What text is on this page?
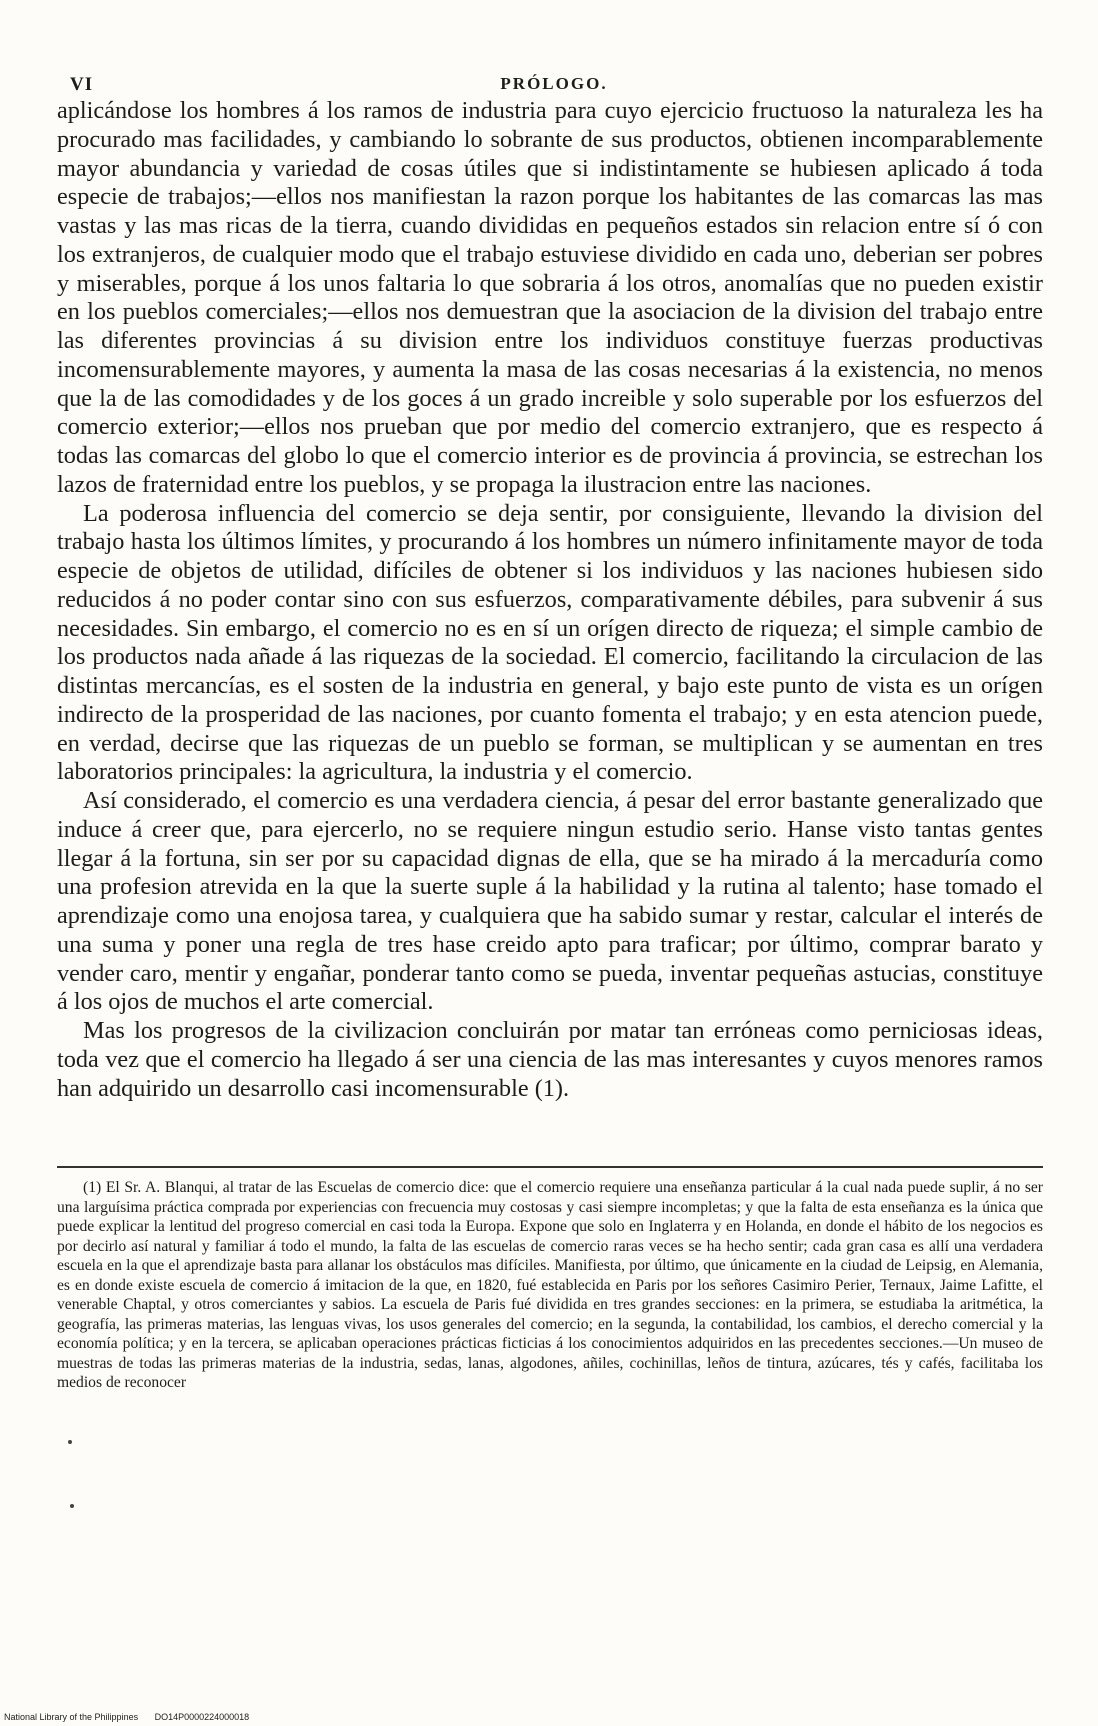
VI	PRÓLOGO.

aplicándose los hombres á los ramos de industria para cuyo ejercicio fructuoso la naturaleza les ha procurado mas facilidades, y cambiando lo sobrante de sus productos, obtienen incomparablemente mayor abundancia y variedad de cosas útiles que si indistintamente se hubiesen aplicado á toda especie de trabajos;—ellos nos manifiestan la razon porque los habitantes de las comarcas las mas vastas y las mas ricas de la tierra, cuando divididas en pequeños estados sin relacion entre sí ó con los extranjeros, de cualquier modo que el trabajo estuviese dividido en cada uno, deberian ser pobres y miserables, porque á los unos faltaria lo que sobraria á los otros, anomalías que no pueden existir en los pueblos comerciales;—ellos nos demuestran que la asociacion de la division del trabajo entre las diferentes provincias á su division entre los individuos constituye fuerzas productivas incomensurablemente mayores, y aumenta la masa de las cosas necesarias á la existencia, no menos que la de las comodidades y de los goces á un grado increible y solo superable por los esfuerzos del comercio exterior;—ellos nos prueban que por medio del comercio extranjero, que es respecto á todas las comarcas del globo lo que el comercio interior es de provincia á provincia, se estrechan los lazos de fraternidad entre los pueblos, y se propaga la ilustracion entre las naciones.

La poderosa influencia del comercio se deja sentir, por consiguiente, llevando la division del trabajo hasta los últimos límites, y procurando á los hombres un número infinitamente mayor de toda especie de objetos de utilidad, difíciles de obtener si los individuos y las naciones hubiesen sido reducidos á no poder contar sino con sus esfuerzos, comparativamente débiles, para subvenir á sus necesidades. Sin embargo, el comercio no es en sí un orígen directo de riqueza; el simple cambio de los productos nada añade á las riquezas de la sociedad. El comercio, facilitando la circulacion de las distintas mercancías, es el sosten de la industria en general, y bajo este punto de vista es un orígen indirecto de la prosperidad de las naciones, por cuanto fomenta el trabajo; y en esta atencion puede, en verdad, decirse que las riquezas de un pueblo se forman, se multiplican y se aumentan en tres laboratorios principales: la agricultura, la industria y el comercio.

Así considerado, el comercio es una verdadera ciencia, á pesar del error bastante generalizado que induce á creer que, para ejercerlo, no se requiere ningun estudio serio. Hanse visto tantas gentes llegar á la fortuna, sin ser por su capacidad dignas de ella, que se ha mirado á la mercaduría como una profesion atrevida en la que la suerte suple á la habilidad y la rutina al talento; hase tomado el aprendizaje como una enojosa tarea, y cualquiera que ha sabido sumar y restar, calcular el interés de una suma y poner una regla de tres hase creido apto para traficar; por último, comprar barato y vender caro, mentir y engañar, ponderar tanto como se pueda, inventar pequeñas astucias, constituye á los ojos de muchos el arte comercial.

Mas los progresos de la civilizacion concluirán por matar tan erróneas como perniciosas ideas, toda vez que el comercio ha llegado á ser una ciencia de las mas interesantes y cuyos menores ramos han adquirido un desarrollo casi incomensurable (1).

(1) El Sr. A. Blanqui, al tratar de las Escuelas de comercio dice: que el comercio requiere una enseñanza particular á la cual nada puede suplir, á no ser una larguísima práctica comprada por experiencias con frecuencia muy costosas y casi siempre incompletas; y que la falta de esta enseñanza es la única que puede explicar la lentitud del progreso comercial en casi toda la Europa. Expone que solo en Inglaterra y en Holanda, en donde el hábito de los negocios es por decirlo así natural y familiar á todo el mundo, la falta de las escuelas de comercio raras veces se ha hecho sentir; cada gran casa es allí una verdadera escuela en la que el aprendizaje basta para allanar los obstáculos mas difíciles. Manifiesta, por último, que únicamente en la ciudad de Leipsig, en Alemania, es en donde existe escuela de comercio á imitacion de la que, en 1820, fué establecida en Paris por los señores Casimiro Perier, Ternaux, Jaime Lafitte, el venerable Chaptal, y otros comerciantes y sabios. La escuela de Paris fué dividida en tres grandes secciones: en la primera, se estudiaba la aritmética, la geografía, las primeras materias, las lenguas vivas, los usos generales del comercio; en la segunda, la contabilidad, los cambios, el derecho comercial y la economía política; y en la tercera, se aplicaban operaciones prácticas ficticias á los conocimientos adquiridos en las precedentes secciones.—Un museo de muestras de todas las primeras materias de la industria, sedas, lanas, algodones, añiles, cochinillas, leños de tintura, azúcares, tés y cafés, facilitaba los medios de reconocer

National Library of the Philippines DO14P0000224000018
